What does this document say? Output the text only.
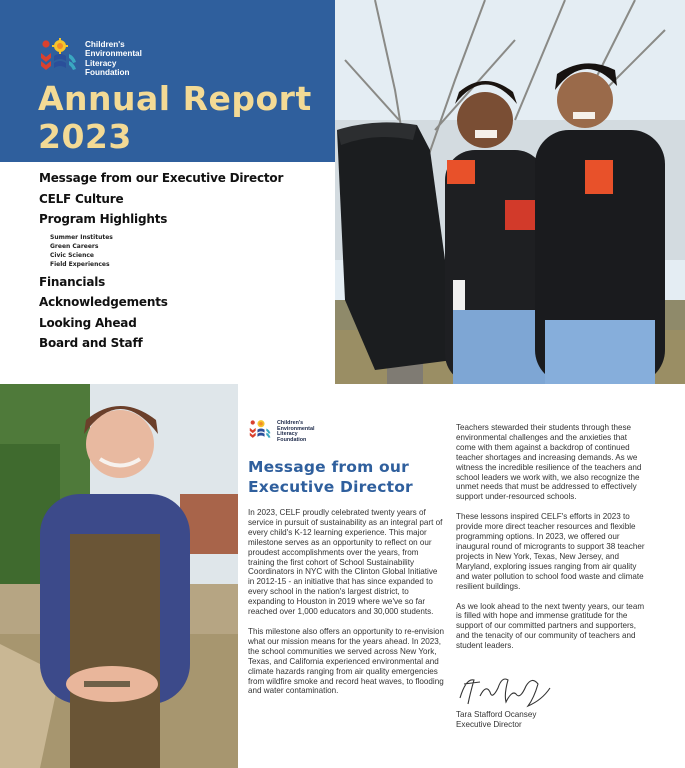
Annual Report
2023
Children's
Environmental
Literacy
Foundation
Message from our Executive Director
CELF Culture
Program Highlights
Summer Institutes
Green Careers
Civic Science
Field Experiences
Financials
Acknowledgements
Looking Ahead
Board and Staff
Children's
Environmental
Literacy
Foundation
Message from our
Executive Director

In 2023, CELF proudly celebrated twenty years of service in pursuit of sustainability as an integral part of every child's K-12 learning experience. This major milestone serves as an opportunity to reflect on our proudest accomplishments over the years, from training the first cohort of School Sustainability Coordinators in NYC with the Clinton Global Initiative in 2012-15 - an initiative that has since expanded to every school in the nation's largest district, to expanding to Houston in 2019 where we've so far reached over 1,000 educators and 30,000 students.

This milestone also offers an opportunity to re-envision what our mission means for the years ahead. In 2023, the school communities we served across New York, Texas, and California experienced environmental and climate hazards ranging from air quality emergencies from wildfire smoke and record heat waves, to flooding and water contamination.

Teachers stewarded their students through these environmental challenges and the anxieties that come with them against a backdrop of continued teacher shortages and increasing demands. As we witness the incredible resilience of the teachers and school leaders we work with, we also recognize the unmet needs that must be addressed to effectively support under-resourced schools.

These lessons inspired CELF's efforts in 2023 to provide more direct teacher resources and flexible programming options. In 2023, we offered our inaugural round of microgrants to support 38 teacher projects in New York, Texas, New Jersey, and Maryland, exploring issues ranging from air quality and water pollution to school food waste and climate resilient buildings.

As we look ahead to the next twenty years, our team is filled with hope and immense gratitude for the support of our committed partners and supporters, and the tenacity of our community of teachers and student leaders.

Tara Stafford Ocansey
Executive Director
